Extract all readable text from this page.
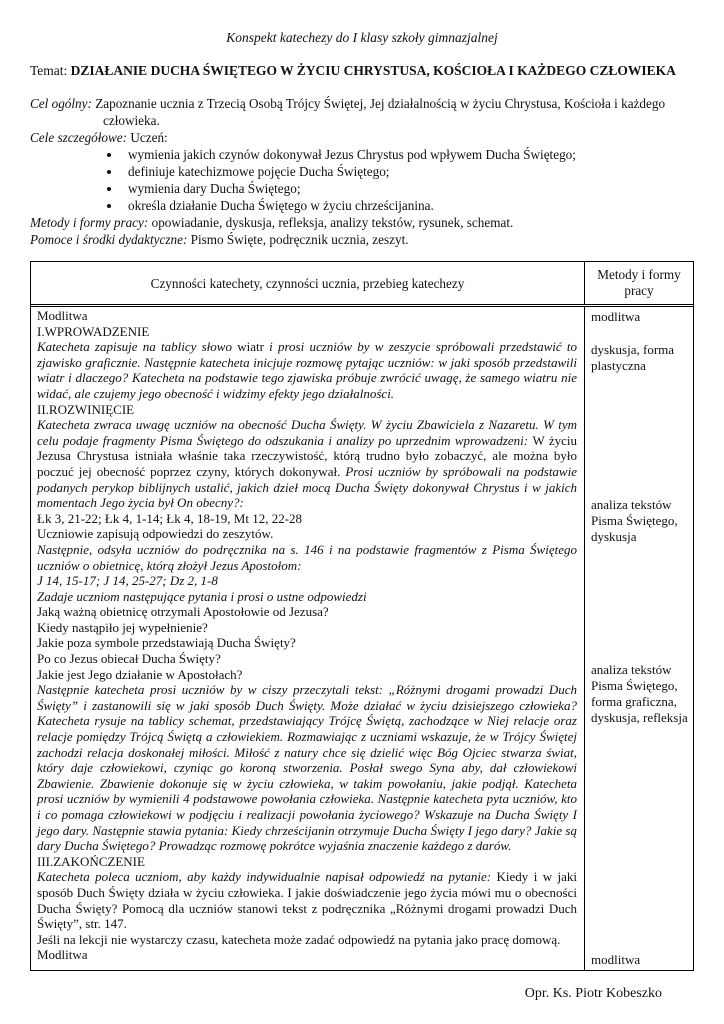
Konspekt katechezy do I klasy szkoły gimnazjalnej
Temat: DZIAŁANIE DUCHA ŚWIĘTEGO W ŻYCIU CHRYSTUSA, KOŚCIOŁA I KAŻDEGO CZŁOWIEKA

Cel ogólny: Zapoznanie ucznia z Trzecią Osobą Trójcy Świętej, Jej działalnością w życiu Chrystusa, Kościoła i każdego człowieka.

Cele szczegółowe: Uczeń:

• wymienia jakich czynów dokonywał Jezus Chrystus pod wpływem Ducha Świętego;
• definiuje katechizmowe pojęcie Ducha Świętego;
• wymienia dary Ducha Świętego;
• określa działanie Ducha Świętego w życiu chrześcijanina.

Metody i formy pracy: opowiadanie, dyskusja, refleksja, analizy tekstów, rysunek, schemat.

Pomoce i środki dydaktyczne: Pismo Święte, podręcznik ucznia, zeszyt.

Czynności katechety, czynności ucznia, przebieg katechezy
Metody i formy pracy

Modlitwa

I.WPROWADZENIE

Katecheta zapisuje na tablicy słowo wiatr i prosi uczniów by w zeszycie spróbowali przedstawić to zjawisko graficznie. Następnie katecheta inicjuje rozmowę pytając uczniów: w jaki sposób przedstawili wiatr i dlaczego? Katecheta na podstawie tego zjawiska próbuje zwrócić uwagę, że samego wiatru nie widać, ale czujemy jego obecność i widzimy efekty jego działalności.

II.ROZWINIĘCIE

Katecheta zwraca uwagę uczniów na obecność Ducha Święty. W życiu Zbawiciela z Nazaretu. W tym celu podaje fragmenty Pisma Świętego do odszukania i analizy po uprzednim wprowadzeni: W życiu Jezusa Chrystusa istniała właśnie taka rzeczywistość, którą trudno było zobaczyć, ale można było poczuć jej obecność poprzez czyny, których dokonywał. Prosi uczniów by spróbowali na podstawie podanych perykop biblijnych ustalić, jakich dzieł mocą Ducha Święty dokonywał Chrystus i w jakich momentach Jego życia był On obecny?:

Łk 3, 21-22; Łk 4, 1-14; Łk 4, 18-19, Mt 12, 22-28

Uczniowie zapisują odpowiedzi do zeszytów.

Następnie, odsyła uczniów do podręcznika na s. 146 i na podstawie fragmentów z Pisma Świętego uczniów o obietnicę, którą złożył Jezus Apostołom:

J 14, 15-17; J 14, 25-27; Dz 2, 1-8

Zadaje uczniom następujące pytania i prosi o ustne odpowiedzi

Jaką ważną obietnicę otrzymali Apostołowie od Jezusa?

Kiedy nastąpiło jej wypełnienie?

Jakie poza symbole przedstawiają Ducha Święty?

Po co Jezus obiecał Ducha Święty?

Jakie jest Jego działanie w Apostołach?

Następnie katecheta prosi uczniów by w ciszy przeczytali tekst: „Różnymi drogami prowadzi Duch Święty” i zastanowili się w jaki sposób Duch Święty. Może działać w życiu dzisiejszego człowieka? Katecheta rysuje na tablicy schemat, przedstawiający Trójcę Świętą, zachodzące w Niej relacje oraz relacje pomiędzy Trójcą Świętą a człowiekiem. Rozmawiając z uczniami wskazuje, że w Trójcy Świętej zachodzi relacja doskonałej miłości. Miłość z natury chce się dzielić więc Bóg Ojciec stwarza świat, który daje człowiekowi, czyniąc go koroną stworzenia. Posłał swego Syna aby, dał człowiekowi Zbawienie. Zbawienie dokonuje się w życiu człowieka, w takim powołaniu, jakie podjął. Katecheta prosi uczniów by wymienili 4 podstawowe powołania człowieka. Następnie katecheta pyta uczniów, kto i co pomaga człowiekowi w podjęciu i realizacji powołania życiowego? Wskazuje na Ducha Święty I jego dary. Następnie stawia pytania: Kiedy chrześcijanin otrzymuje Ducha Święty I jego dary? Jakie są dary Ducha Świętego? Prowadząc rozmowę pokrótce wyjaśnia znaczenie każdego z darów.

III.ZAKOŃCZENIE

Katecheta poleca uczniom, aby każdy indywidualnie napisał odpowiedź na pytanie: Kiedy i w jaki sposób Duch Święty działa w życiu człowieka. I jakie doświadczenie jego życia mówi mu o obecności Ducha Święty? Pomocą dla uczniów stanowi tekst z podręcznika „Różnymi drogami prowadzi Duch Święty”, str. 147.

Jeśli na lekcji nie wystarczy czasu, katecheta może zadać odpowiedź na pytania jako pracę domową.

Modlitwa

modlitwa
dyskusja, forma plastyczna
analiza tekstów Pisma Świętego, dyskusja
analiza tekstów Pisma Świętego, forma graficzna, dyskusja, refleksja
modlitwa
Opr. Ks. Piotr Kobeszko
